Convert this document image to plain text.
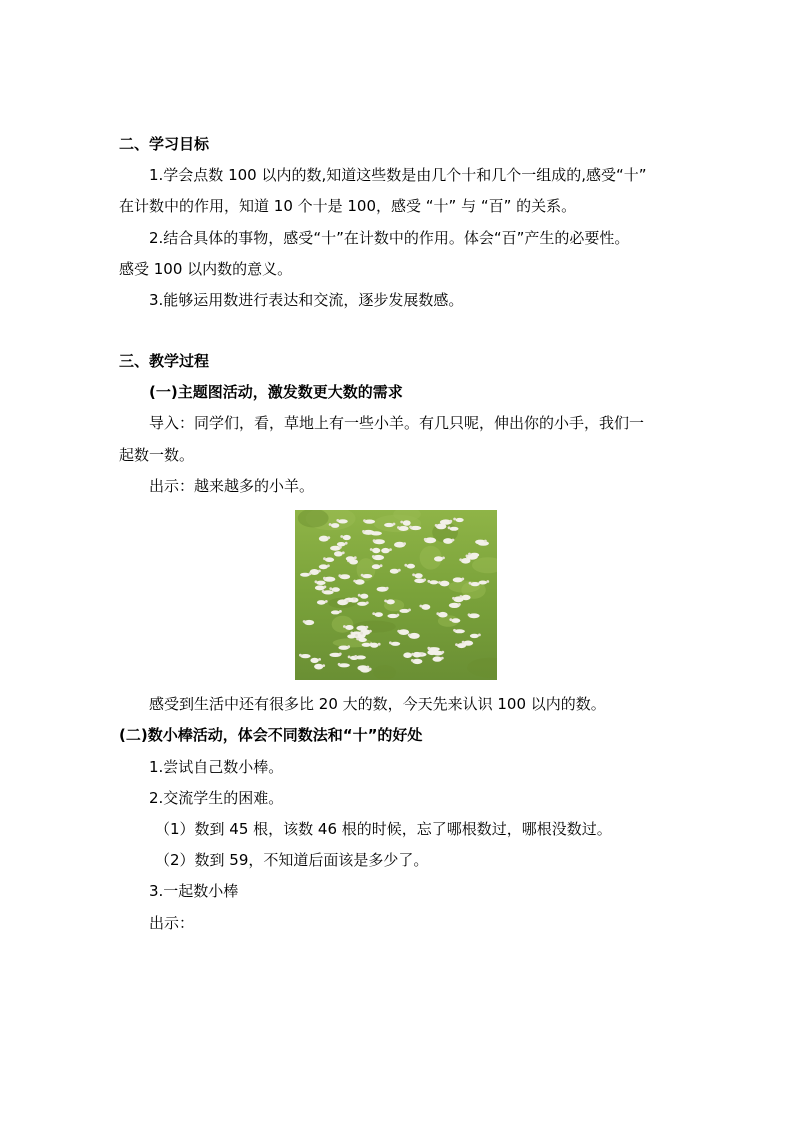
二、学习目标
1.学会点数 100 以内的数,知道这些数是由几个十和几个一组成的,感受“十”
在计数中的作用，知道 10 个十是 100，感受 “十” 与 “百” 的关系。
2.结合具体的事物，感受“十”在计数中的作用。体会“百”产生的必要性。
感受 100 以内数的意义。
3.能够运用数进行表达和交流，逐步发展数感。
三、教学过程
(一)主题图活动，激发数更大数的需求
导入：同学们，看，草地上有一些小羊。有几只呢，伸出你的小手，我们一
起数一数。
出示：越来越多的小羊。
感受到生活中还有很多比 20 大的数，今天先来认识 100 以内的数。
(二)数小棒活动，体会不同数法和“十”的好处
1.尝试自己数小棒。
2.交流学生的困难。
（1）数到 45 根，该数 46 根的时候，忘了哪根数过，哪根没数过。
（2）数到 59，不知道后面该是多少了。
3.一起数小棒
出示：
